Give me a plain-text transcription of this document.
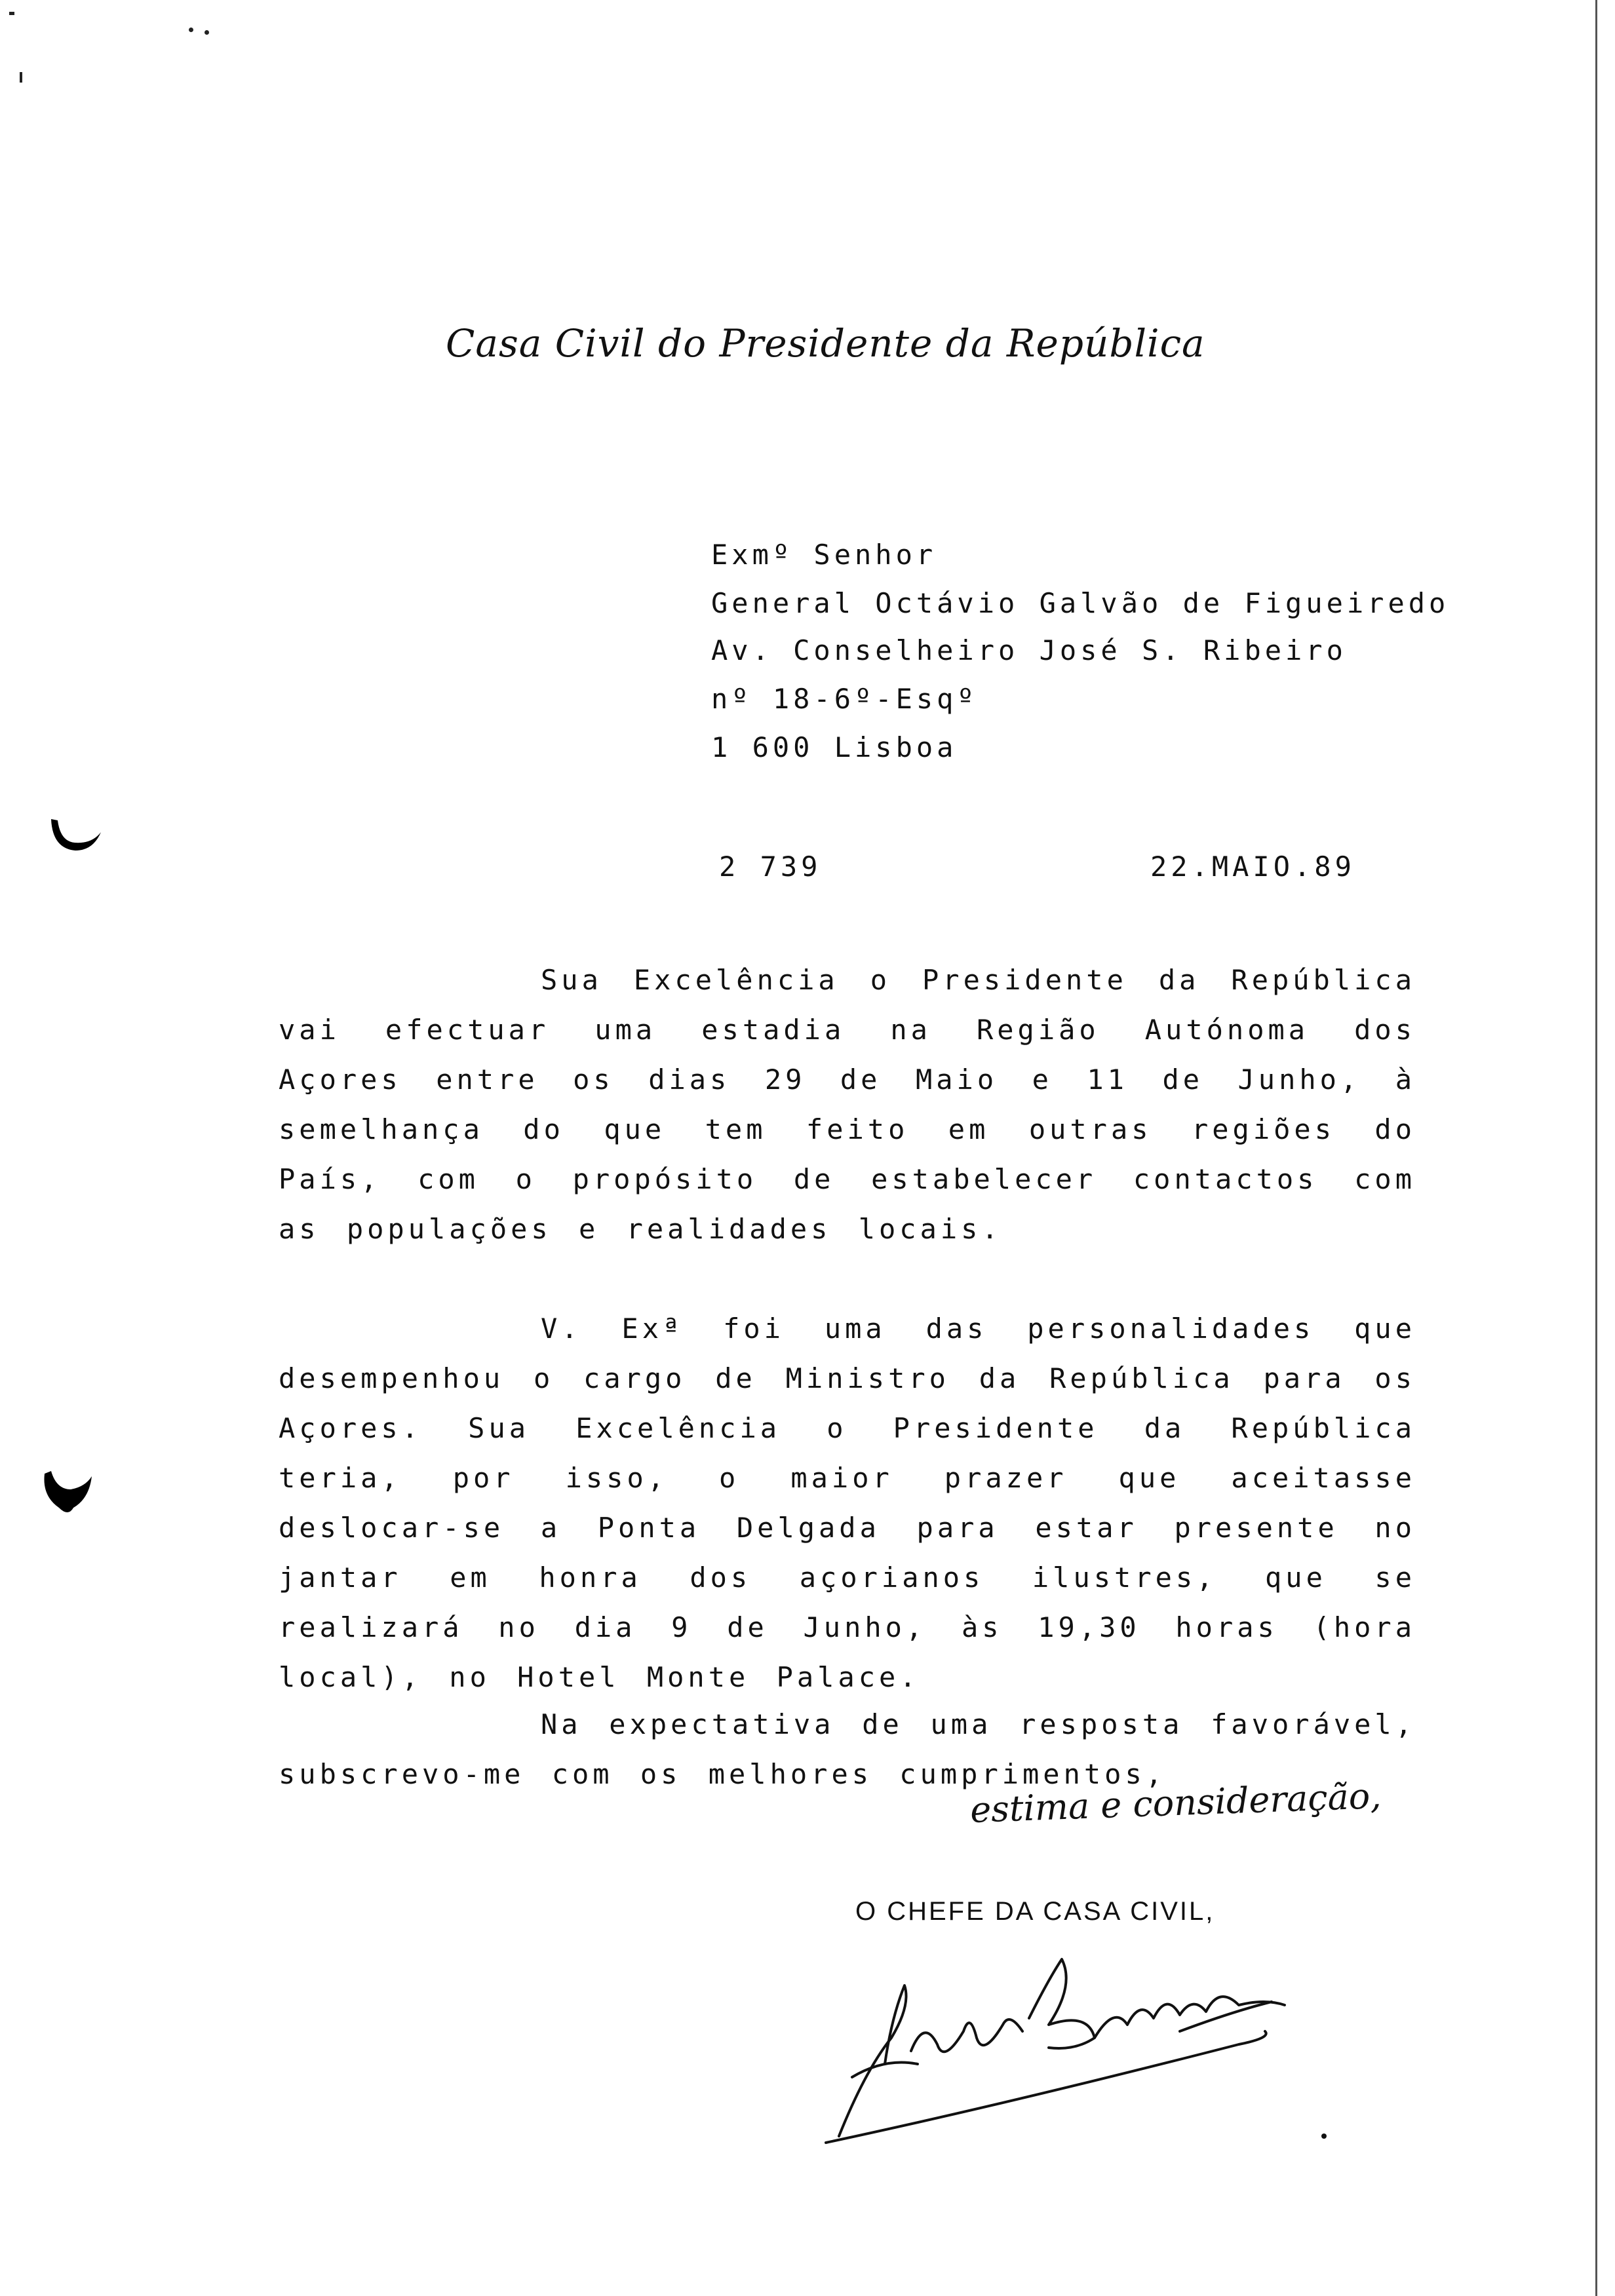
Casa Civil do Presidente da República
Exmº Senhor
General Octávio Galvão de Figueiredo
Av. Conselheiro José S. Ribeiro
nº 18-6º-Esqº
1 600 Lisboa
2 739	22.MAIO.89
Sua Excelência o Presidente da República vai efectuar uma estadia na Região Autónoma dos Açores entre os dias 29 de Maio e 11 de Junho, à semelhança do que tem feito em outras regiões do País, com o propósito de estabelecer contactos com as populações e realidades locais.
V. Exª foi uma das personalidades que desempenhou o cargo de Ministro da República para os Açores. Sua Excelência o Presidente da República teria, por isso, o maior prazer que aceitasse deslocar-se a Ponta Delgada para estar presente no jantar em honra dos açorianos ilustres, que se realizará no dia 9 de Junho, às 19,30 horas (hora local), no Hotel Monte Palace.
Na expectativa de uma resposta favorável, subscrevo-me com os melhores cumprimentos,
estima e consideração,
O CHEFE DA CASA CIVIL,
